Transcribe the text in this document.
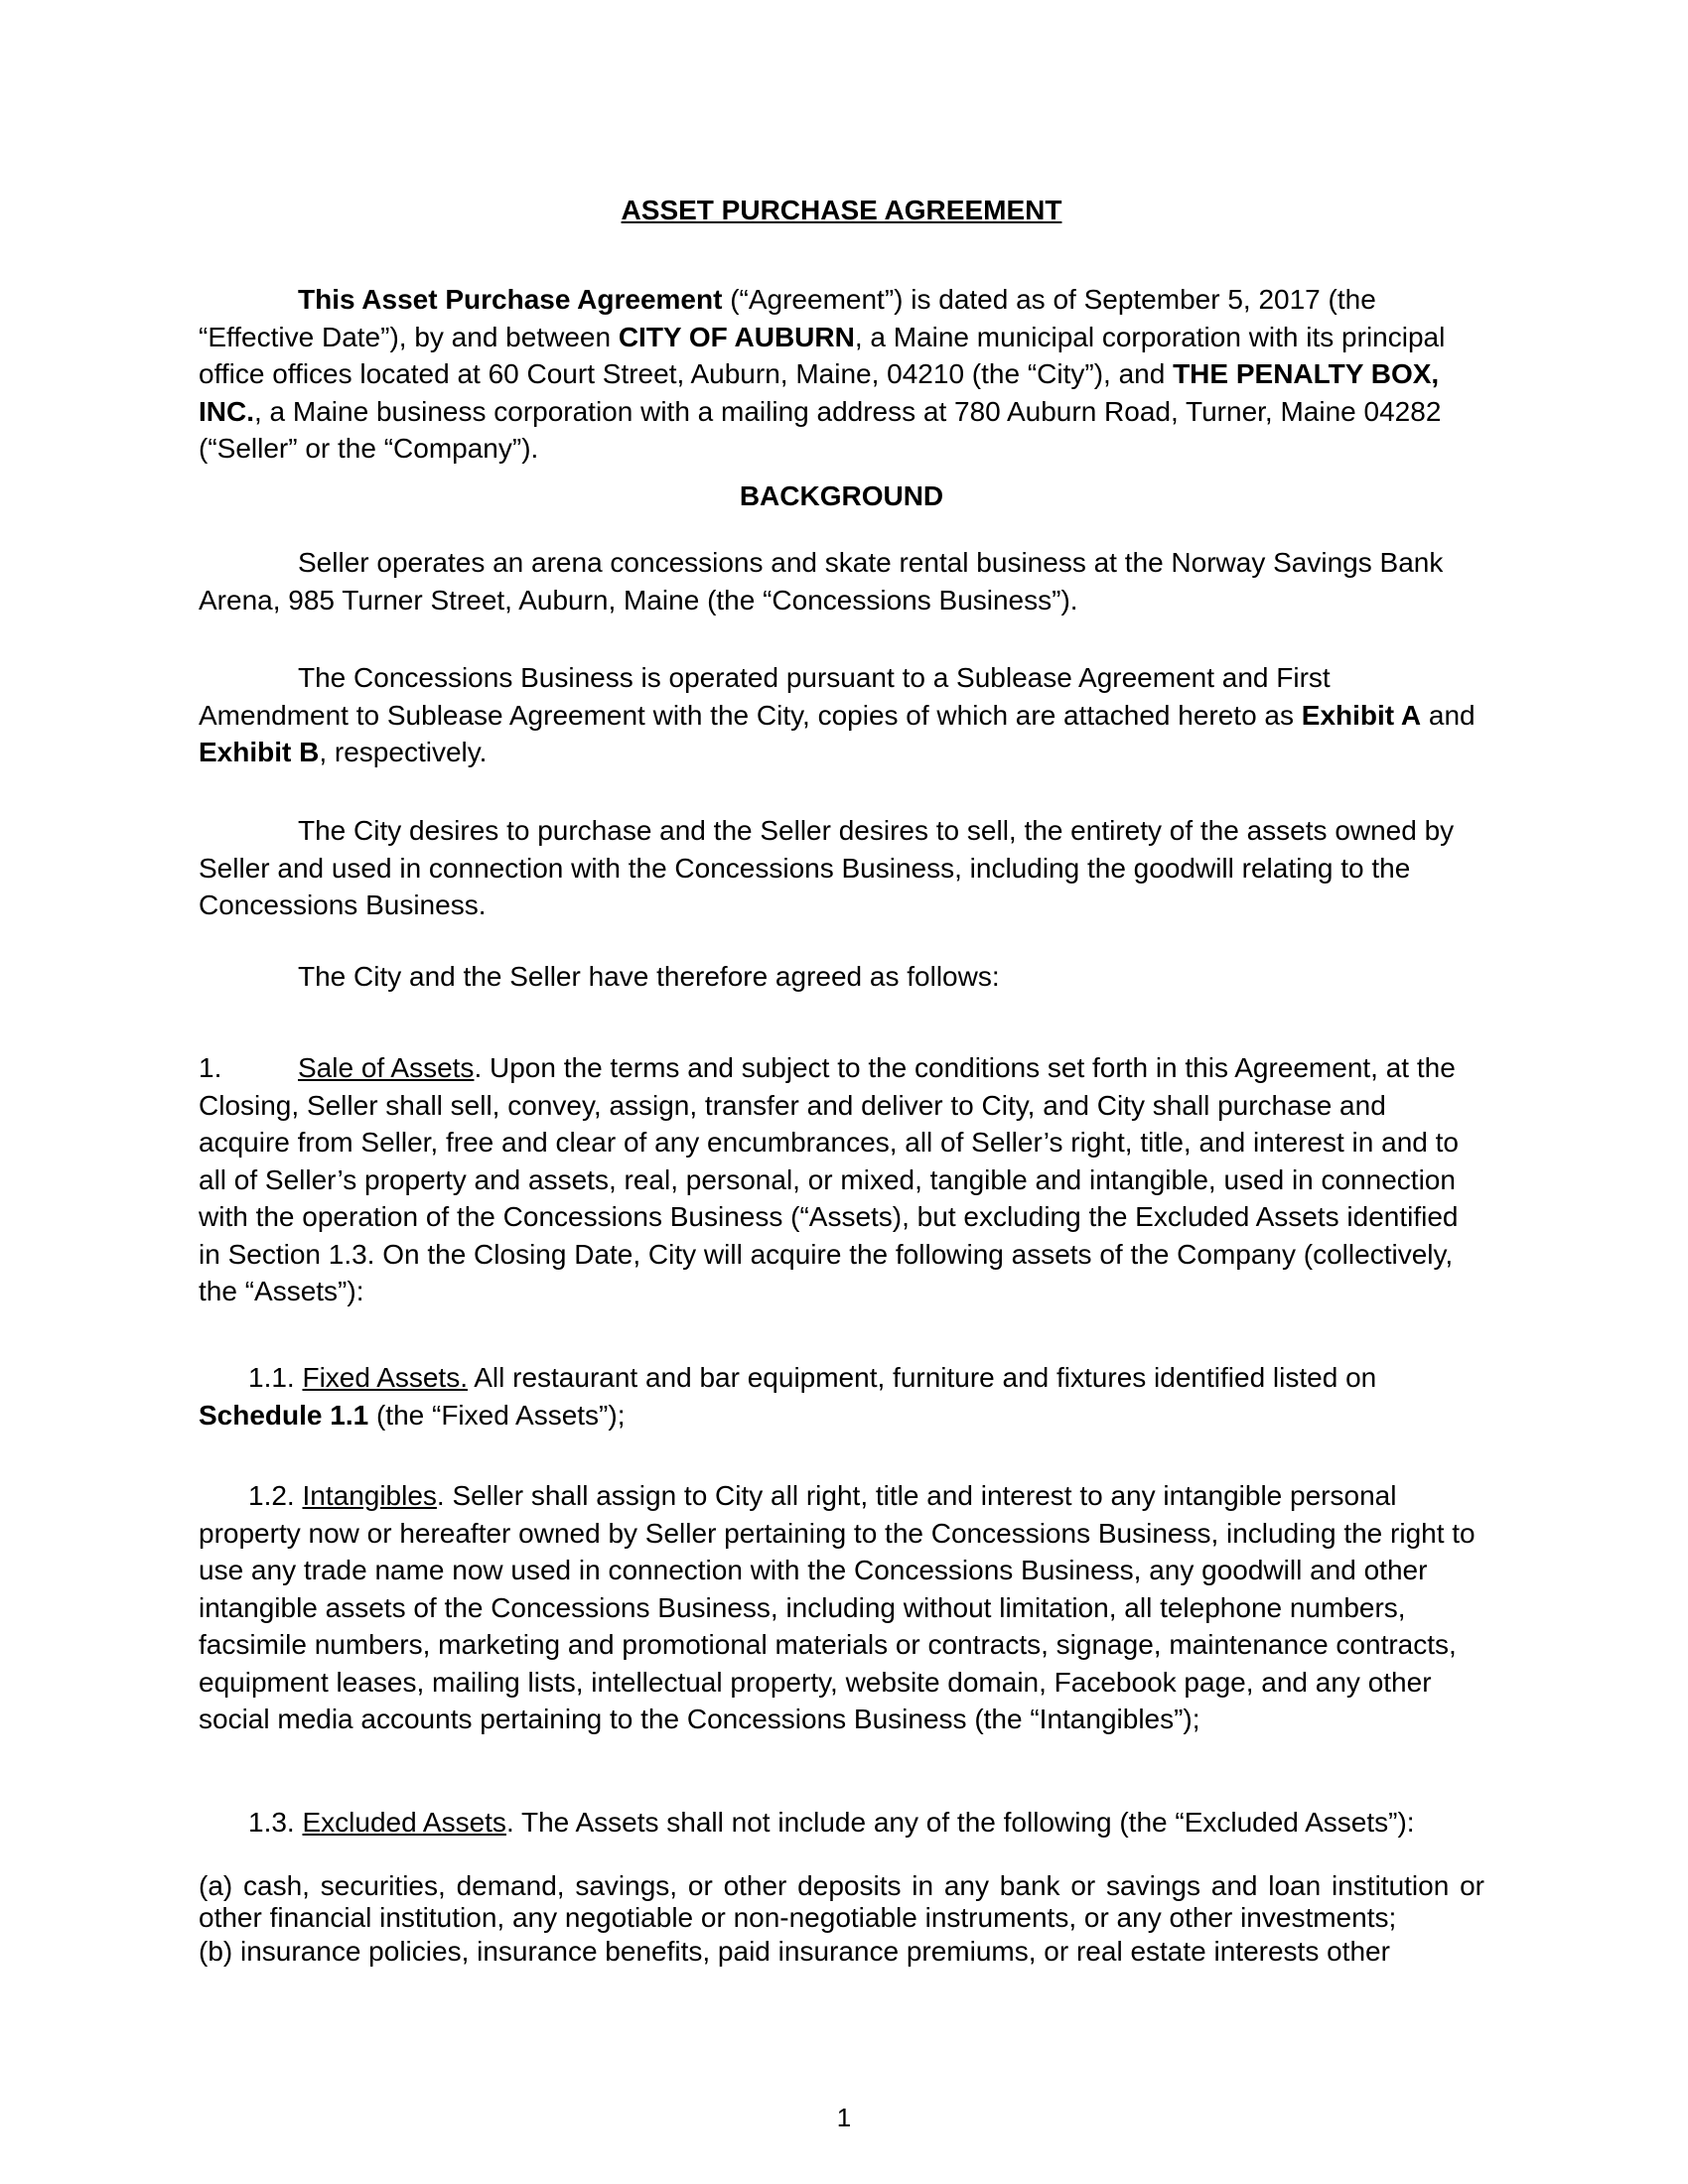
ASSET PURCHASE AGREEMENT

This Asset Purchase Agreement (“Agreement”) is dated as of September 5, 2017 (the “Effective Date”), by and between CITY OF AUBURN, a Maine municipal corporation with its principal office offices located at 60 Court Street, Auburn, Maine, 04210 (the “City”), and THE PENALTY BOX, INC., a Maine business corporation with a mailing address at 780 Auburn Road, Turner, Maine 04282 (“Seller” or the “Company”).

BACKGROUND

Seller operates an arena concessions and skate rental business at the Norway Savings Bank Arena, 985 Turner Street, Auburn, Maine (the “Concessions Business”).

The Concessions Business is operated pursuant to a Sublease Agreement and First Amendment to Sublease Agreement with the City, copies of which are attached hereto as Exhibit A and Exhibit B, respectively.

The City desires to purchase and the Seller desires to sell, the entirety of the assets owned by Seller and used in connection with the Concessions Business, including the goodwill relating to the Concessions Business.

The City and the Seller have therefore agreed as follows:

1.	Sale of Assets. Upon the terms and subject to the conditions set forth in this Agreement, at the Closing, Seller shall sell, convey, assign, transfer and deliver to City, and City shall purchase and acquire from Seller, free and clear of any encumbrances, all of Seller’s right, title, and interest in and to all of Seller’s property and assets, real, personal, or mixed, tangible and intangible, used in connection with the operation of the Concessions Business (“Assets), but excluding the Excluded Assets identified in Section 1.3. On the Closing Date, City will acquire the following assets of the Company (collectively, the “Assets”):

1.1. Fixed Assets. All restaurant and bar equipment, furniture and fixtures identified listed on Schedule 1.1 (the “Fixed Assets”);

1.2. Intangibles. Seller shall assign to City all right, title and interest to any intangible personal property now or hereafter owned by Seller pertaining to the Concessions Business, including the right to use any trade name now used in connection with the Concessions Business, any goodwill and other intangible assets of the Concessions Business, including without limitation, all telephone numbers, facsimile numbers, marketing and promotional materials or contracts, signage, maintenance contracts, equipment leases, mailing lists, intellectual property, website domain, Facebook page, and any other social media accounts pertaining to the Concessions Business (the “Intangibles”);

1.3. Excluded Assets. The Assets shall not include any of the following (the “Excluded Assets”):

(a) cash, securities, demand, savings, or other deposits in any bank or savings and loan institution or other financial institution, any negotiable or non-negotiable instruments, or any other investments;

(b) insurance policies, insurance benefits, paid insurance premiums, or real estate interests other

1
